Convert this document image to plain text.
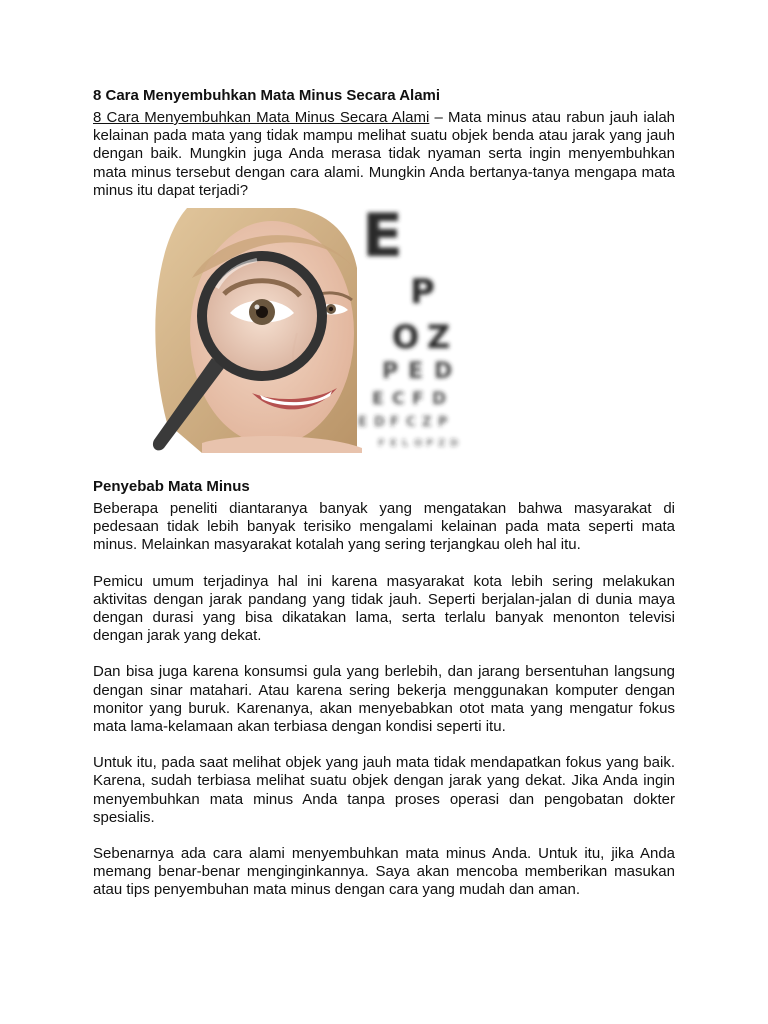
8 Cara Menyembuhkan Mata Minus Secara Alami

8 Cara Menyembuhkan Mata Minus Secara Alami – Mata minus atau rabun jauh ialah kelainan pada mata yang tidak mampu melihat suatu objek benda atau jarak yang jauh dengan baik. Mungkin juga Anda merasa tidak nyaman serta ingin menyembuhkan mata minus tersebut dengan cara alami. Mungkin Anda bertanya-tanya mengapa mata minus itu dapat terjadi?

E
P
O Z
P E D
E C F D
E D F C Z P
F E L O P Z D
Penyebab Mata Minus

Beberapa peneliti diantaranya banyak yang mengatakan bahwa masyarakat di pedesaan tidak lebih banyak terisiko mengalami kelainan pada mata seperti mata minus. Melainkan masyarakat kotalah yang sering terjangkau oleh hal itu.

Pemicu umum terjadinya hal ini karena masyarakat kota lebih sering melakukan aktivitas dengan jarak pandang yang tidak jauh. Seperti berjalan-jalan di dunia maya dengan durasi yang bisa dikatakan lama, serta terlalu banyak menonton televisi dengan jarak yang dekat.

Dan bisa juga karena konsumsi gula yang berlebih, dan jarang bersentuhan langsung dengan sinar matahari. Atau karena sering bekerja menggunakan komputer dengan monitor yang buruk. Karenanya, akan menyebabkan otot mata yang mengatur fokus mata lama-kelamaan akan terbiasa dengan kondisi seperti itu.

Untuk itu, pada saat melihat objek yang jauh mata tidak mendapatkan fokus yang baik. Karena, sudah terbiasa melihat suatu objek dengan jarak yang dekat. Jika Anda ingin menyembuhkan mata minus Anda tanpa proses operasi dan pengobatan dokter spesialis.

Sebenarnya ada cara alami menyembuhkan mata minus Anda. Untuk itu, jika Anda memang benar-benar menginginkannya. Saya akan mencoba memberikan masukan atau tips penyembuhan mata minus dengan cara yang mudah dan aman.
